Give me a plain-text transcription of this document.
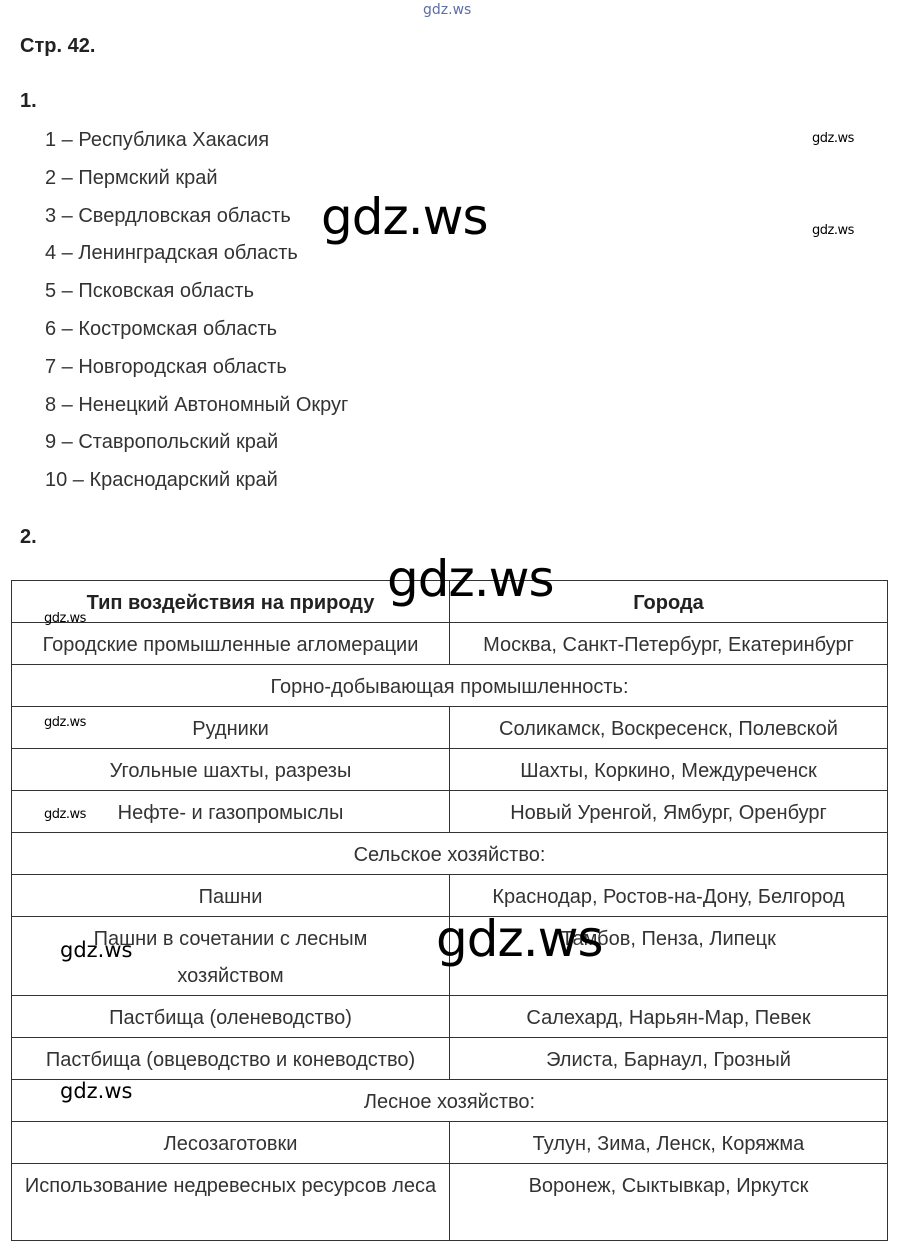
Стр. 42.
1.
1 – Республика Хакасия
2 – Пермский край
3 – Свердловская область
4 – Ленинградская область
5 – Псковская область
6 – Костромская область
7 – Новгородская область
8 – Ненецкий Автономный Округ
9 – Ставропольский край
10 – Краснодарский край
2.
Тип воздействия на природу	Города
Городские промышленные агломерации	Москва, Санкт-Петербург, Екатеринбург
Горно-добывающая промышленность:	
Рудники	Соликамск, Воскресенск, Полевской
Угольные шахты, разрезы	Шахты, Коркино, Междуреченск
Нефте- и газопромыслы	Новый Уренгой, Ямбург, Оренбург
Сельское хозяйство:	
Пашни	Краснодар, Ростов-на-Дону, Белгород
Пашни в сочетании с лесным хозяйством	Тамбов, Пенза, Липецк
Пастбища (оленеводство)	Салехард, Нарьян-Мар, Певек
Пастбища (овцеводство и коневодство)	Элиста, Барнаул, Грозный
Лесное хозяйство:	
Лесозаготовки	Тулун, Зима, Ленск, Коряжма
Использование недревесных ресурсов леса	Воронеж, Сыктывкар, Иркутск
gdz.ws
gdz.ws
gdz.ws
gdz.ws
gdz.ws
gdz.ws
gdz.ws
gdz.ws
gdz.ws
gdz.ws
gdz.ws
